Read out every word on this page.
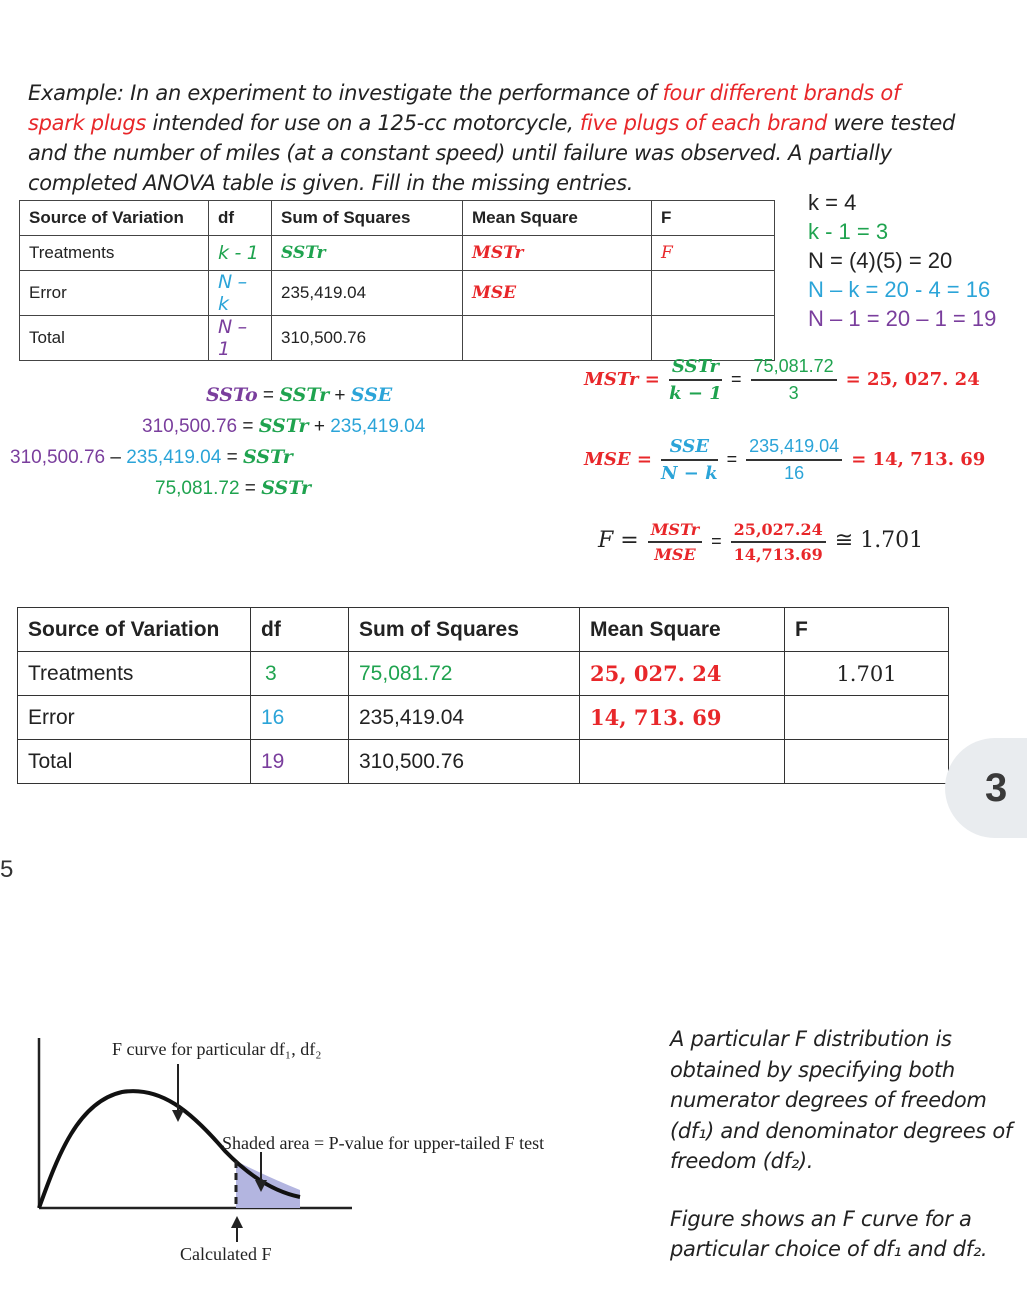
Example: In an experiment to investigate the performance of four different brands of
spark plugs intended for use on a 125-cc motorcycle, five plugs of each brand were tested
and the number of miles (at a constant speed) until failure was observed. A partially
completed ANOVA table is given. Fill in the missing entries.
Source of Variation	df	Sum of Squares	Mean Square	F
Treatments	k - 1	SSTr	MSTr	F
Error	N – k	235,419.04	MSE	
Total	N – 1	310,500.76		
k = 4
k - 1 = 3
N = (4)(5) = 20
N – k = 20 - 4 = 16
N – 1 = 20 – 1 = 19
SSTo = SSTr + SSE
310,500.76 = SSTr + 235,419.04
310,500.76 – 235,419.04 = SSTr
75,081.72 = SSTr
MSTr = $\frac{\text{SSTr}}{k - 1} = \frac{75,081.72}{3} = 25$, 027. 24
MSE = $\frac{\text{SSE}}{N - k} = \frac{235,419.04}{16} = 14$, 713. 69
$F = \frac{\text{MSTr}}{\text{MSE}} = \frac{25,027.24}{14,713.69}$ ≅ 1.701
Source of Variation	df	Sum of Squares	Mean Square	F
Treatments	3	75,081.72	25, 027. 24	1.701
Error	16	235,419.04	14, 713. 69	
Total	19	310,500.76		
3
5
F curve for particular df₁, df₂
Shaded area = P-value for upper-tailed F test
Calculated F
A particular F distribution is
obtained by specifying both
numerator degrees of freedom
(df₁) and denominator degrees of
freedom (df₂).
Figure shows an F curve for a
particular choice of df₁ and df₂.
